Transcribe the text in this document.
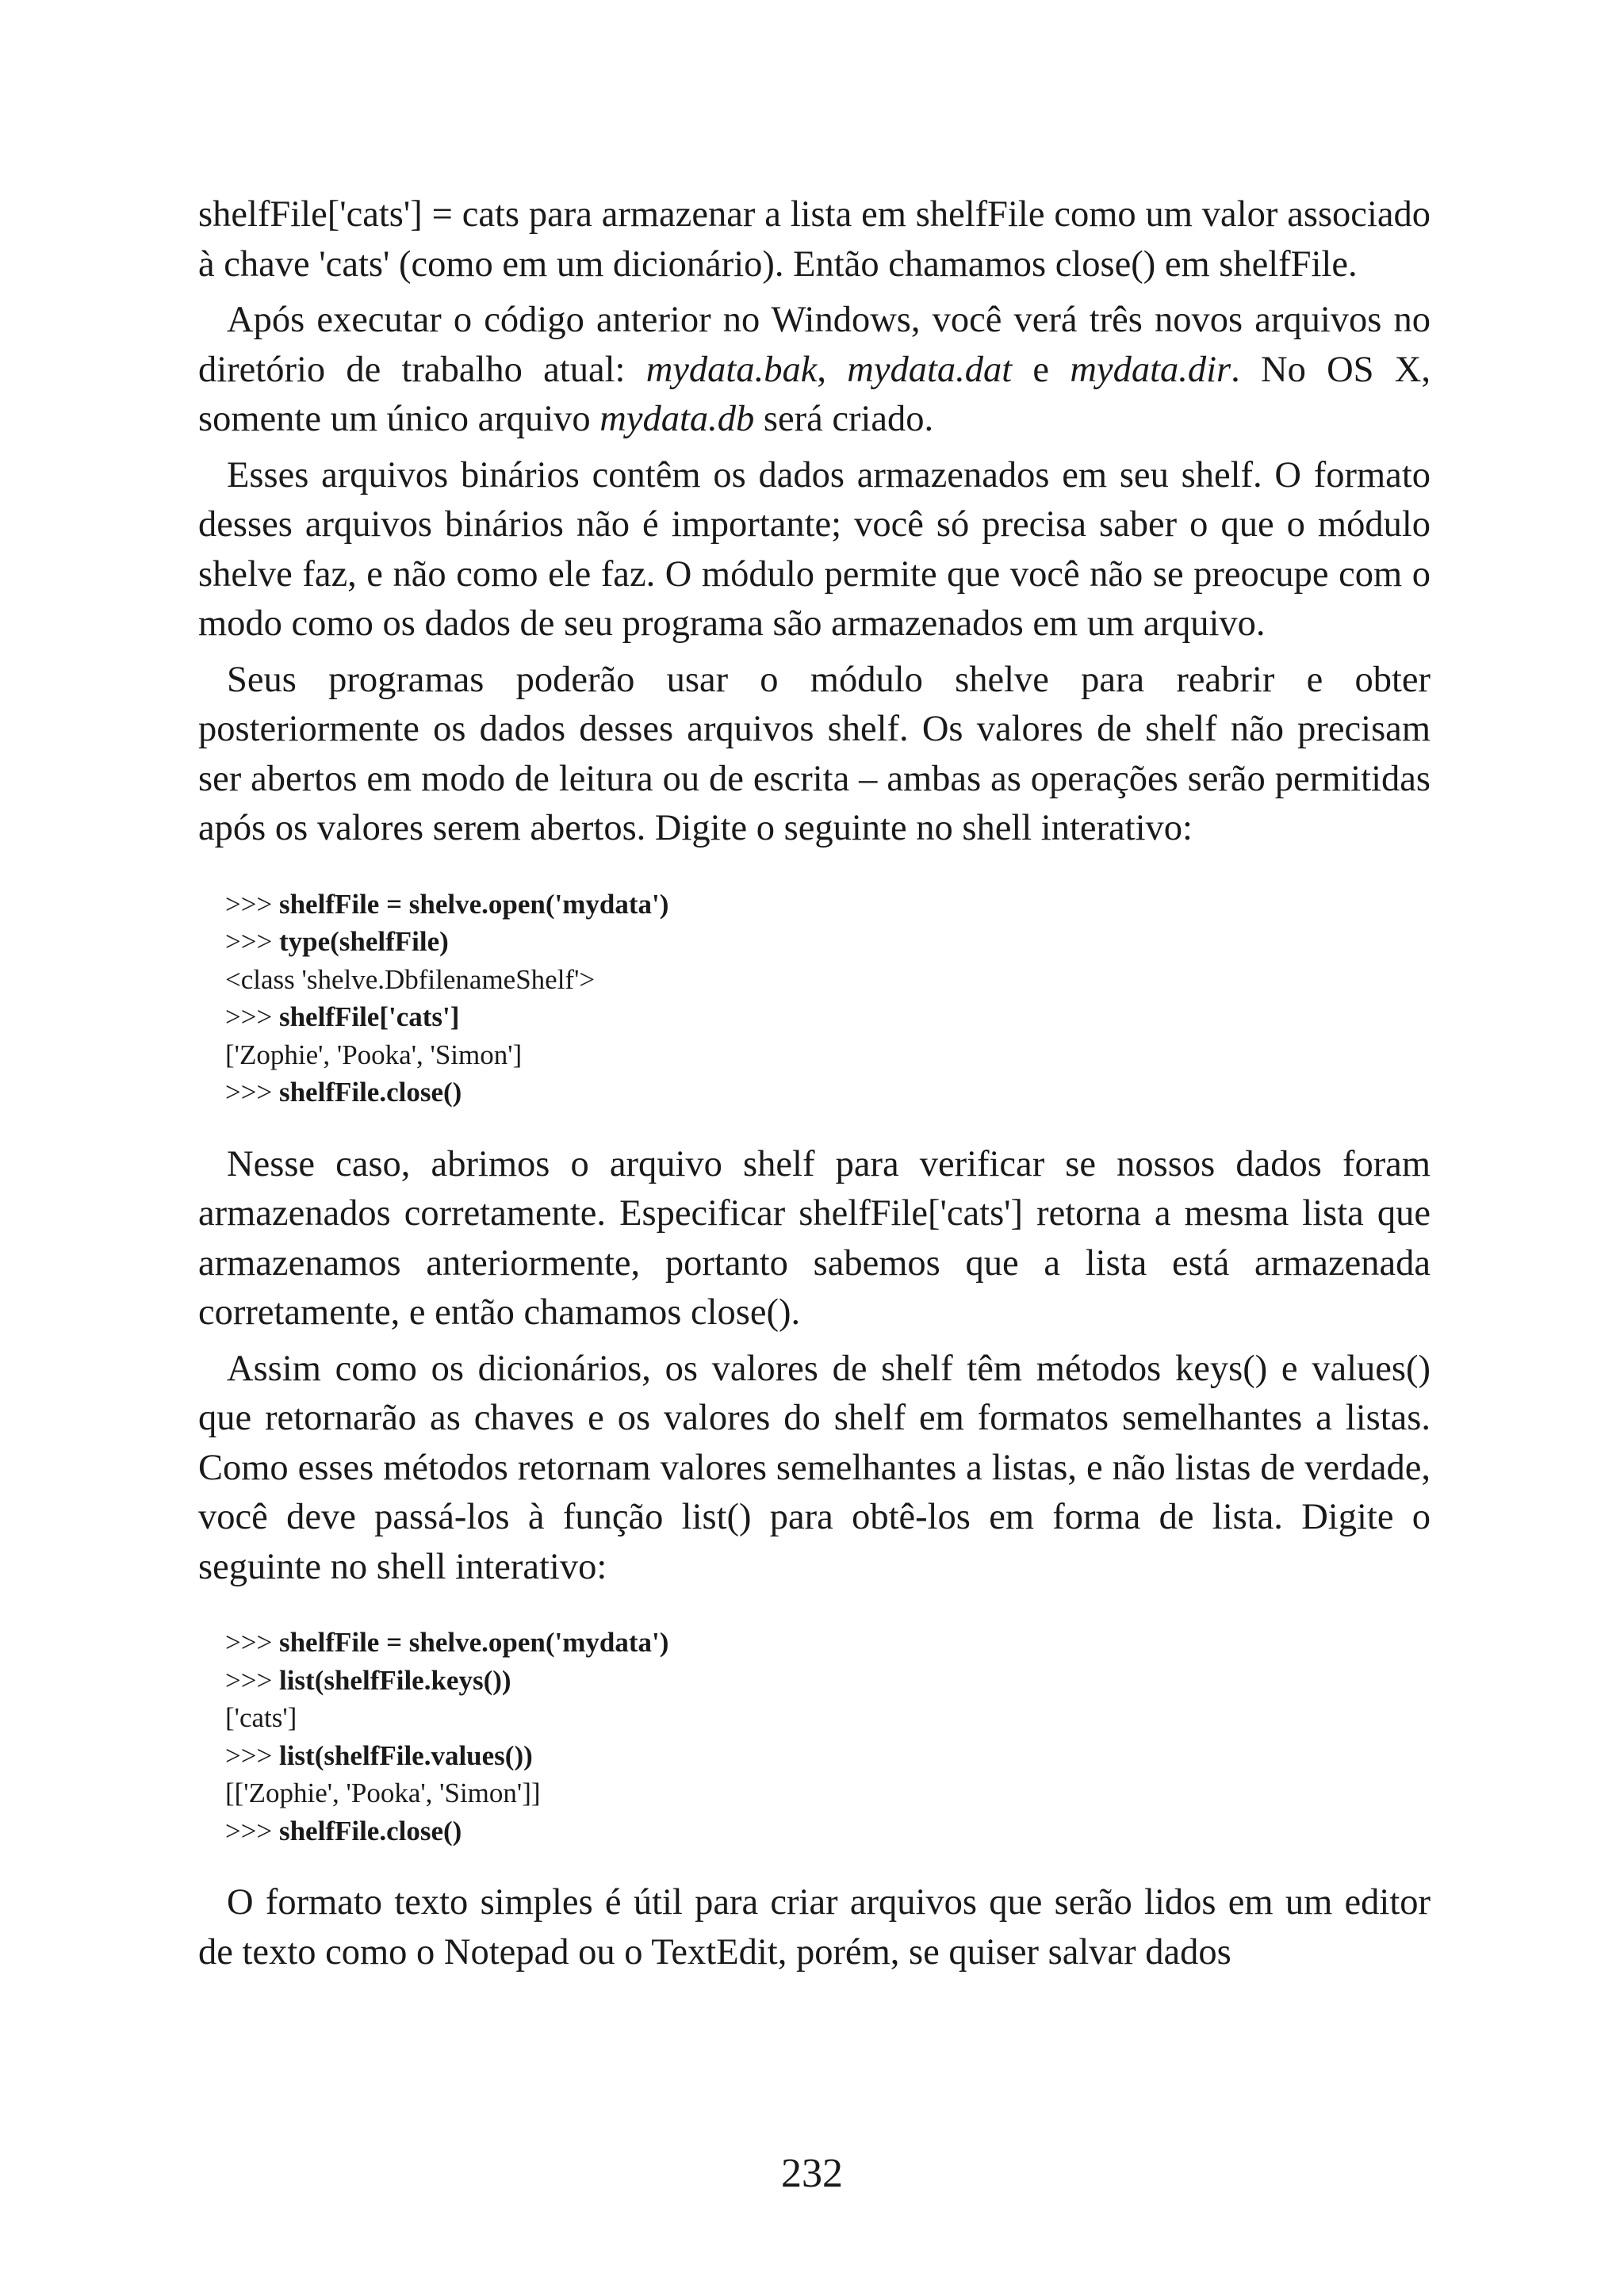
shelfFile['cats'] = cats para armazenar a lista em shelfFile como um valor associado à chave 'cats' (como em um dicionário). Então chamamos close() em shelfFile.

Após executar o código anterior no Windows, você verá três novos arquivos no diretório de trabalho atual: mydata.bak, mydata.dat e mydata.dir. No OS X, somente um único arquivo mydata.db será criado.

Esses arquivos binários contêm os dados armazenados em seu shelf. O formato desses arquivos binários não é importante; você só precisa saber o que o módulo shelve faz, e não como ele faz. O módulo permite que você não se preocupe com o modo como os dados de seu programa são armazenados em um arquivo.

Seus programas poderão usar o módulo shelve para reabrir e obter posteriormente os dados desses arquivos shelf. Os valores de shelf não precisam ser abertos em modo de leitura ou de escrita – ambas as operações serão permitidas após os valores serem abertos. Digite o seguinte no shell interativo:

>>> shelfFile = shelve.open('mydata')
>>> type(shelfFile)
<class 'shelve.DbfilenameShelf'>
>>> shelfFile['cats']
['Zophie', 'Pooka', 'Simon']
>>> shelfFile.close()

Nesse caso, abrimos o arquivo shelf para verificar se nossos dados foram armazenados corretamente. Especificar shelfFile['cats'] retorna a mesma lista que armazenamos anteriormente, portanto sabemos que a lista está armazenada corretamente, e então chamamos close().

Assim como os dicionários, os valores de shelf têm métodos keys() e values() que retornarão as chaves e os valores do shelf em formatos semelhantes a listas. Como esses métodos retornam valores semelhantes a listas, e não listas de verdade, você deve passá-los à função list() para obtê-los em forma de lista. Digite o seguinte no shell interativo:

>>> shelfFile = shelve.open('mydata')
>>> list(shelfFile.keys())
['cats']
>>> list(shelfFile.values())
[['Zophie', 'Pooka', 'Simon']]
>>> shelfFile.close()

O formato texto simples é útil para criar arquivos que serão lidos em um editor de texto como o Notepad ou o TextEdit, porém, se quiser salvar dados

232
